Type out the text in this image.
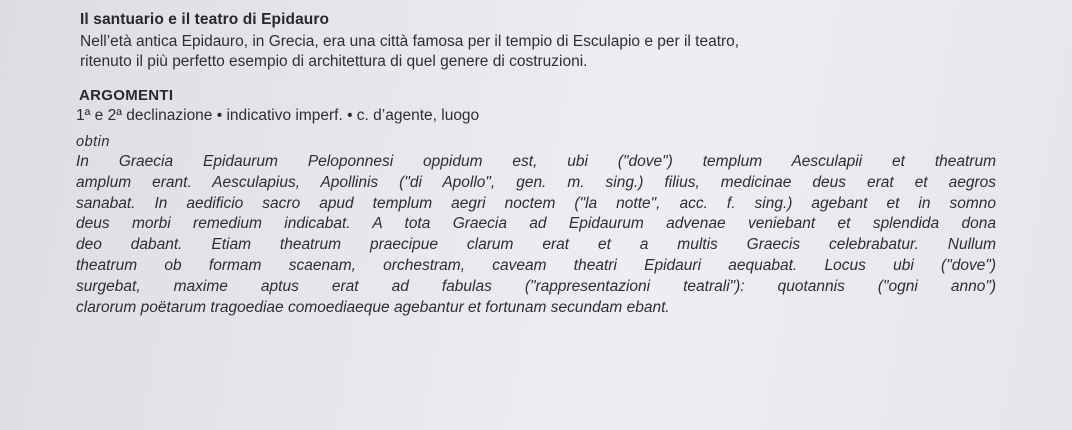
Il santuario e il teatro di Epidauro
Nell’età antica Epidauro, in Grecia, era una città famosa per il tempio di Esculapio e per il teatro,
ritenuto il più perfetto esempio di architettura di quel genere di costruzioni.
ARGOMENTI
1ª e 2ª declinazione • indicativo imperf. • c. d’agente, luogo
obtin
In Graecia Epidaurum Peloponnesi oppidum est, ubi ("dove") templum Aesculapii et theatrum
amplum erant. Aesculapius, Apollinis ("di Apollo", gen. m. sing.) filius, medicinae deus erat et aegros
sanabat. In aedificio sacro apud templum aegri noctem ("la notte", acc. f. sing.) agebant et in somno
deus morbi remedium indicabat. A tota Graecia ad Epidaurum advenae veniebant et splendida dona
deo dabant. Etiam theatrum praecipue clarum erat et a multis Graecis celebrabatur. Nullum
theatrum ob formam scaenam, orchestram, caveam theatri Epidauri aequabat. Locus ubi ("dove")
surgebat, maxime aptus erat ad fabulas ("rappresentazioni teatrali"): quotannis ("ogni anno")
clarorum poëtarum tragoediae comoediaeque agebantur et fortunam secundam ebant.
